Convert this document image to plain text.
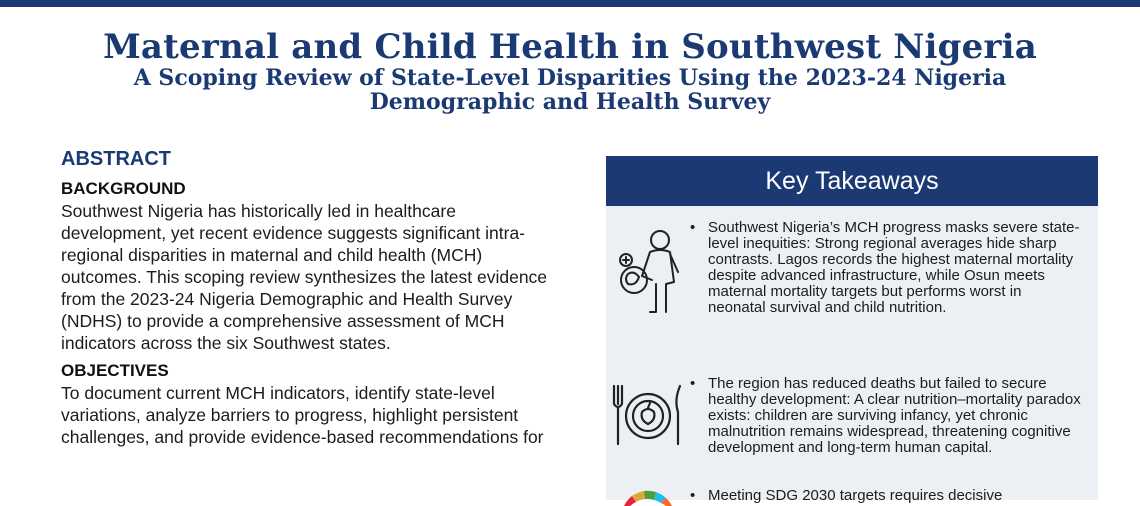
Maternal and Child Health in Southwest Nigeria
A Scoping Review of State-Level Disparities Using the 2023-24 Nigeria
Demographic and Health Survey
ABSTRACT
BACKGROUND

Southwest Nigeria has historically led in healthcare development, yet recent evidence suggests significant intra-regional disparities in maternal and child health (MCH) outcomes. This scoping review synthesizes the latest evidence from the 2023-24 Nigeria Demographic and Health Survey (NDHS) to provide a comprehensive assessment of MCH indicators across the six Southwest states.

OBJECTIVES

To document current MCH indicators, identify state-level variations, analyze barriers to progress, highlight persistent challenges, and provide evidence-based recommendations for

Key Takeaways
• Southwest Nigeria’s MCH progress masks severe state-level inequities: Strong regional averages hide sharp contrasts. Lagos records the highest maternal mortality despite advanced infrastructure, while Osun meets maternal mortality targets but performs worst in neonatal survival and child nutrition.
• The region has reduced deaths but failed to secure healthy development: A clear nutrition–mortality paradox exists: children are surviving infancy, yet chronic malnutrition remains widespread, threatening cognitive development and long-term human capital.
• Meeting SDG 2030 targets requires decisive
